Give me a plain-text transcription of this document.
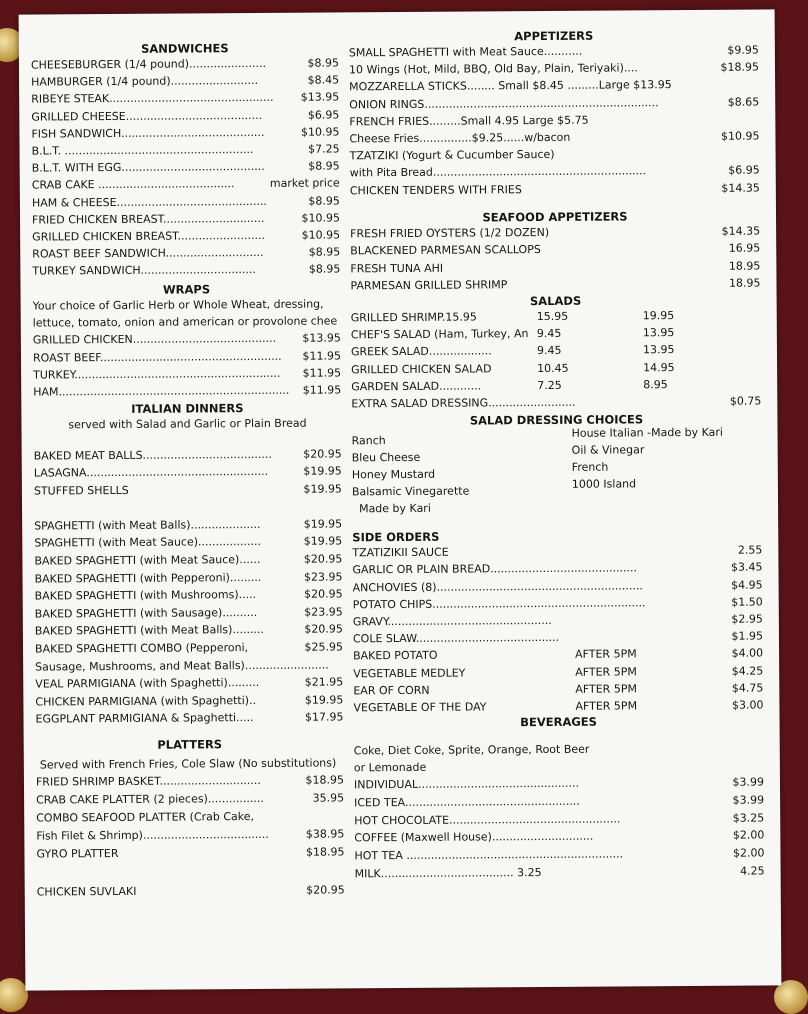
SANDWICHES
CHEESEBURGER (1/4 pound)......................	$8.95
HAMBURGER (1/4 pound).........................	$8.45
RIBEYE STEAK............................................... $13.95
GRILLED CHEESE.......................................	$6.95
FISH SANDWICH.........................................	$10.95
B.L.T. ......................................................	$7.25
B.L.T. WITH EGG.........................................	$8.95
CRAB CAKE .......................................	market price
HAM & CHEESE...........................................	$8.95
FRIED CHICKEN BREAST.............................	$10.95
GRILLED CHICKEN BREAST.........................	$10.95
ROAST BEEF SANDWICH............................	$8.95
TURKEY SANDWICH.................................	$8.95
WRAPS
Your choice of Garlic Herb or Whole Wheat, dressing,
lettuce, tomato, onion and american or provolone chee
GRILLED CHICKEN......................................... $13.95
ROAST BEEF.................................................... $11.95
TURKEY........................................................... $11.95
HAM.................................................................. $11.95
ITALIAN DINNERS
served with Salad and Garlic or Plain Bread
BAKED MEAT BALLS.....................................	$20.95
LASAGNA....................................................	$19.95
STUFFED SHELLS	$19.95
SPAGHETTI (with Meat Balls)....................	$19.95
SPAGHETTI (with Meat Sauce)..................	$19.95
BAKED SPAGHETTI (with Meat Sauce)......	$20.95
BAKED SPAGHETTI (with Pepperoni).........	$23.95
BAKED SPAGHETTI (with Mushrooms).....	$20.95
BAKED SPAGHETTI (with Sausage)..........	$23.95
BAKED SPAGHETTI (with Meat Balls).........	$20.95
BAKED SPAGHETTI COMBO (Pepperoni,	$25.95
Sausage, Mushrooms, and Meat Balls)........................
VEAL PARMIGIANA (with Spaghetti).........	$21.95
CHICKEN PARMIGIANA (with Spaghetti)..	$19.95
EGGPLANT PARMIGIANA & Spaghetti.....	$17.95
PLATTERS
Served with French Fries, Cole Slaw (No substitutions)
FRIED SHRIMP BASKET.............................	$18.95
CRAB CAKE PLATTER (2 pieces)................	35.95
COMBO SEAFOOD PLATTER (Crab Cake,
Fish Filet & Shrimp)....................................	$38.95
GYRO PLATTER	$18.95
CHICKEN SUVLAKI	$20.95
APPETIZERS
SMALL SPAGHETTI with Meat Sauce...........	$9.95
10 Wings (Hot, Mild, BBQ, Old Bay, Plain, Teriyaki)....	$18.95
MOZZARELLA STICKS........ Small $8.45 .........Large $13.95
ONION RINGS...................................................................	$8.65
FRENCH FRIES.........Small 4.95 Large $5.75
Cheese Fries...............$9.25......w/bacon	$10.95
TZATZIKI (Yogurt & Cucumber Sauce)
with Pita Bread.............................................................	$6.95
CHICKEN TENDERS WITH FRIES	$14.35
SEAFOOD APPETIZERS
FRESH FRIED OYSTERS (1/2 DOZEN)	$14.35
BLACKENED PARMESAN SCALLOPS	16.95
FRESH TUNA AHI	18.95
PARMESAN GRILLED SHRIMP	18.95
SALADS
GRILLED SHRIMP.15.95	15.95	19.95
CHEF'S SALAD (Ham, Turkey, An 9.45	13.95
GREEK SALAD..................	9.45	13.95
GRILLED CHICKEN SALAD	10.45	14.95
GARDEN SALAD............	7.25	8.95
EXTRA SALAD DRESSING.........................	$0.75
SALAD DRESSING CHOICES
Ranch
Bleu Cheese
Honey Mustard
Balsamic Vinegarette
Made by Kari
House Italian -Made by Kari
Oil & Vinegar
French
1000 Island
SIDE ORDERS
TZATIZIKII SAUCE	2.55
GARLIC OR PLAIN BREAD..........................................	$3.45
ANCHOVIES (8)...........................................................	$4.95
POTATO CHIPS.............................................................	$1.50
GRAVY...............................................	$2.95
COLE SLAW.........................................	$1.95
BAKED POTATO	AFTER 5PM	$4.00
VEGETABLE MEDLEY	AFTER 5PM	$4.25
EAR OF CORN	AFTER 5PM	$4.75
VEGETABLE OF THE DAY	AFTER 5PM	$3.00
BEVERAGES
Coke, Diet Coke, Sprite, Orange, Root Beer
or Lemonade
INDIVIDUAL..............................................	$3.99
ICED TEA..................................................	$3.99
HOT CHOCOLATE.................................................	$3.25
COFFEE (Maxwell House).............................	$2.00
HOT TEA ..............................................................	$2.00
MILK...................................... 3.25	4.25
